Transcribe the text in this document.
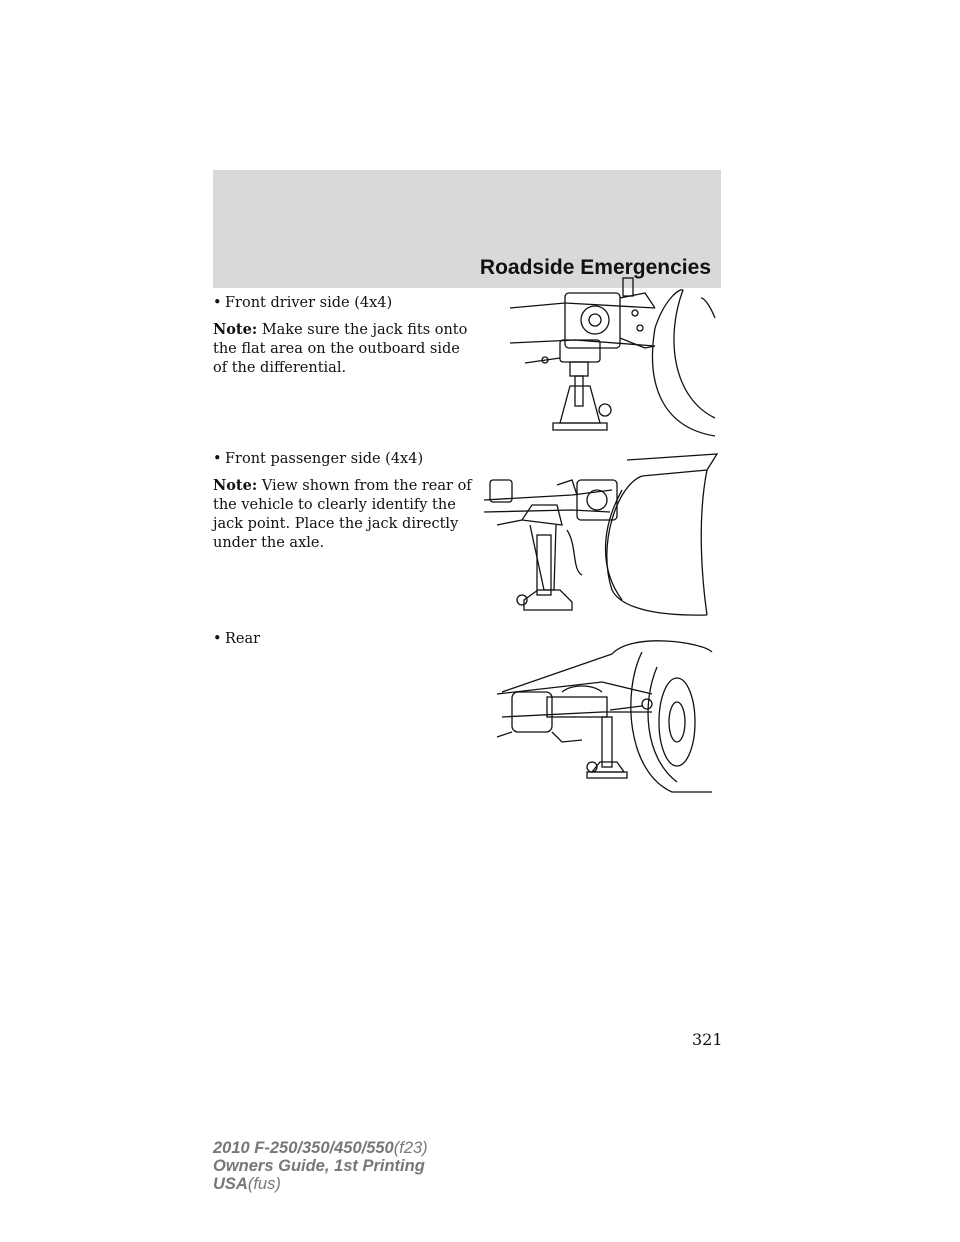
Roadside Emergencies

• Front driver side (4x4)

Note: Make sure the jack fits onto the flat area on the outboard side of the differential.

• Front passenger side (4x4)

Note: View shown from the rear of the vehicle to clearly identify the jack point. Place the jack directly under the axle.

• Rear

321
2010 F-250/350/450/550(f23)
Owners Guide, 1st Printing
USA(fus)
